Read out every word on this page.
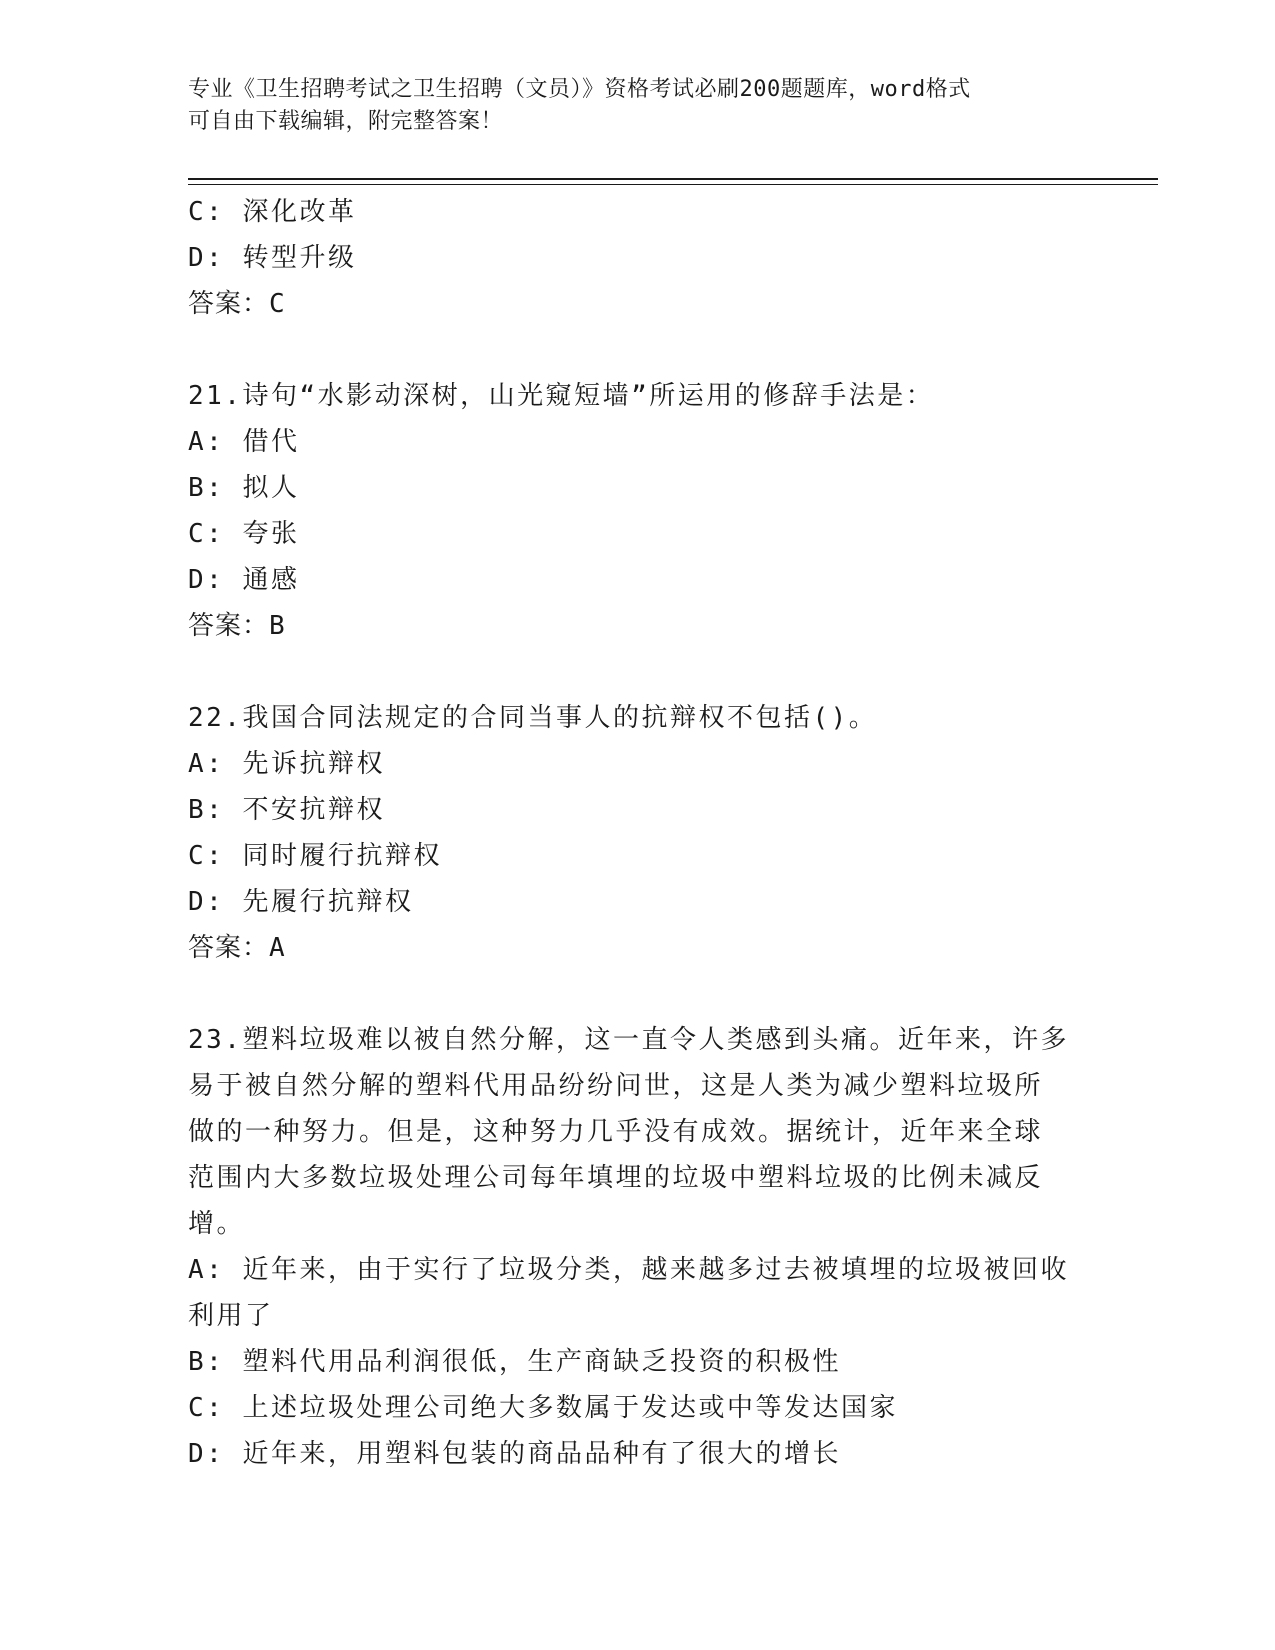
专业《卫生招聘考试之卫生招聘（文员）》资格考试必刷200题题库，word格式
可自由下载编辑，附完整答案！
C: 深化改革
D: 转型升级
答案：C
21.诗句“水影动深树，山光窥短墙”所运用的修辞手法是：
A: 借代
B: 拟人
C: 夸张
D: 通感
答案：B
22.我国合同法规定的合同当事人的抗辩权不包括()。
A: 先诉抗辩权
B: 不安抗辩权
C: 同时履行抗辩权
D: 先履行抗辩权
答案：A
23.塑料垃圾难以被自然分解，这一直令人类感到头痛。近年来，许多
易于被自然分解的塑料代用品纷纷问世，这是人类为减少塑料垃圾所
做的一种努力。但是，这种努力几乎没有成效。据统计，近年来全球
范围内大多数垃圾处理公司每年填埋的垃圾中塑料垃圾的比例未减反
增。
A: 近年来，由于实行了垃圾分类，越来越多过去被填埋的垃圾被回收
利用了
B: 塑料代用品利润很低，生产商缺乏投资的积极性
C: 上述垃圾处理公司绝大多数属于发达或中等发达国家
D: 近年来，用塑料包装的商品品种有了很大的增长
